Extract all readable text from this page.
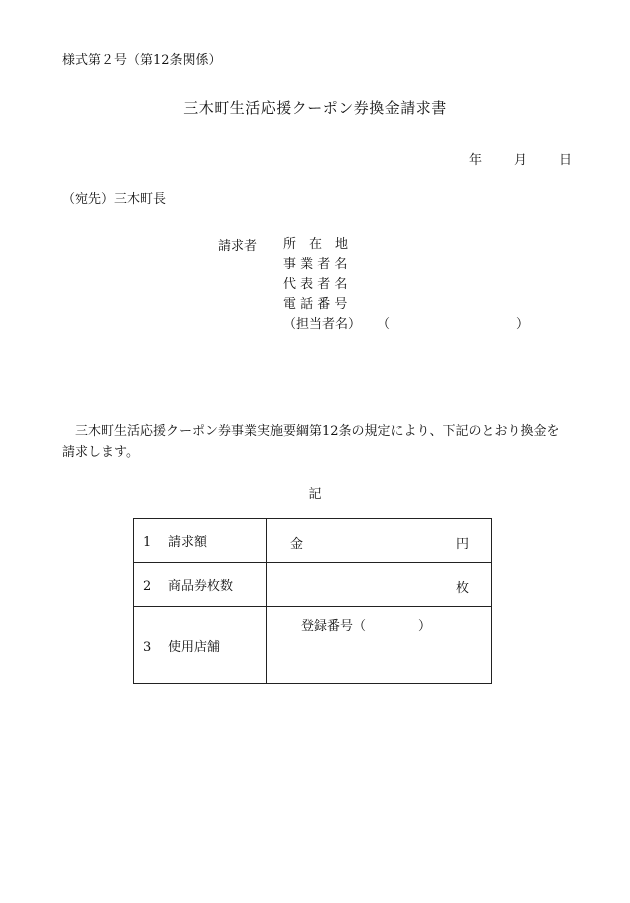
様式第２号（第12条関係）
三木町生活応援クーポン券換金請求書
年 月 日
（宛先）三木町長
請求者 所　在　地
事 業 者 名
代 表 者 名
電 話 番 号
（担当者名） （	）
三木町生活応援クーポン券事業実施要綱第12条の規定により、下記のとおり換金を請求します。
記
1 請求額	金 円

2 商品券枚数	枚

3 使用店舗	登録番号（ ）
